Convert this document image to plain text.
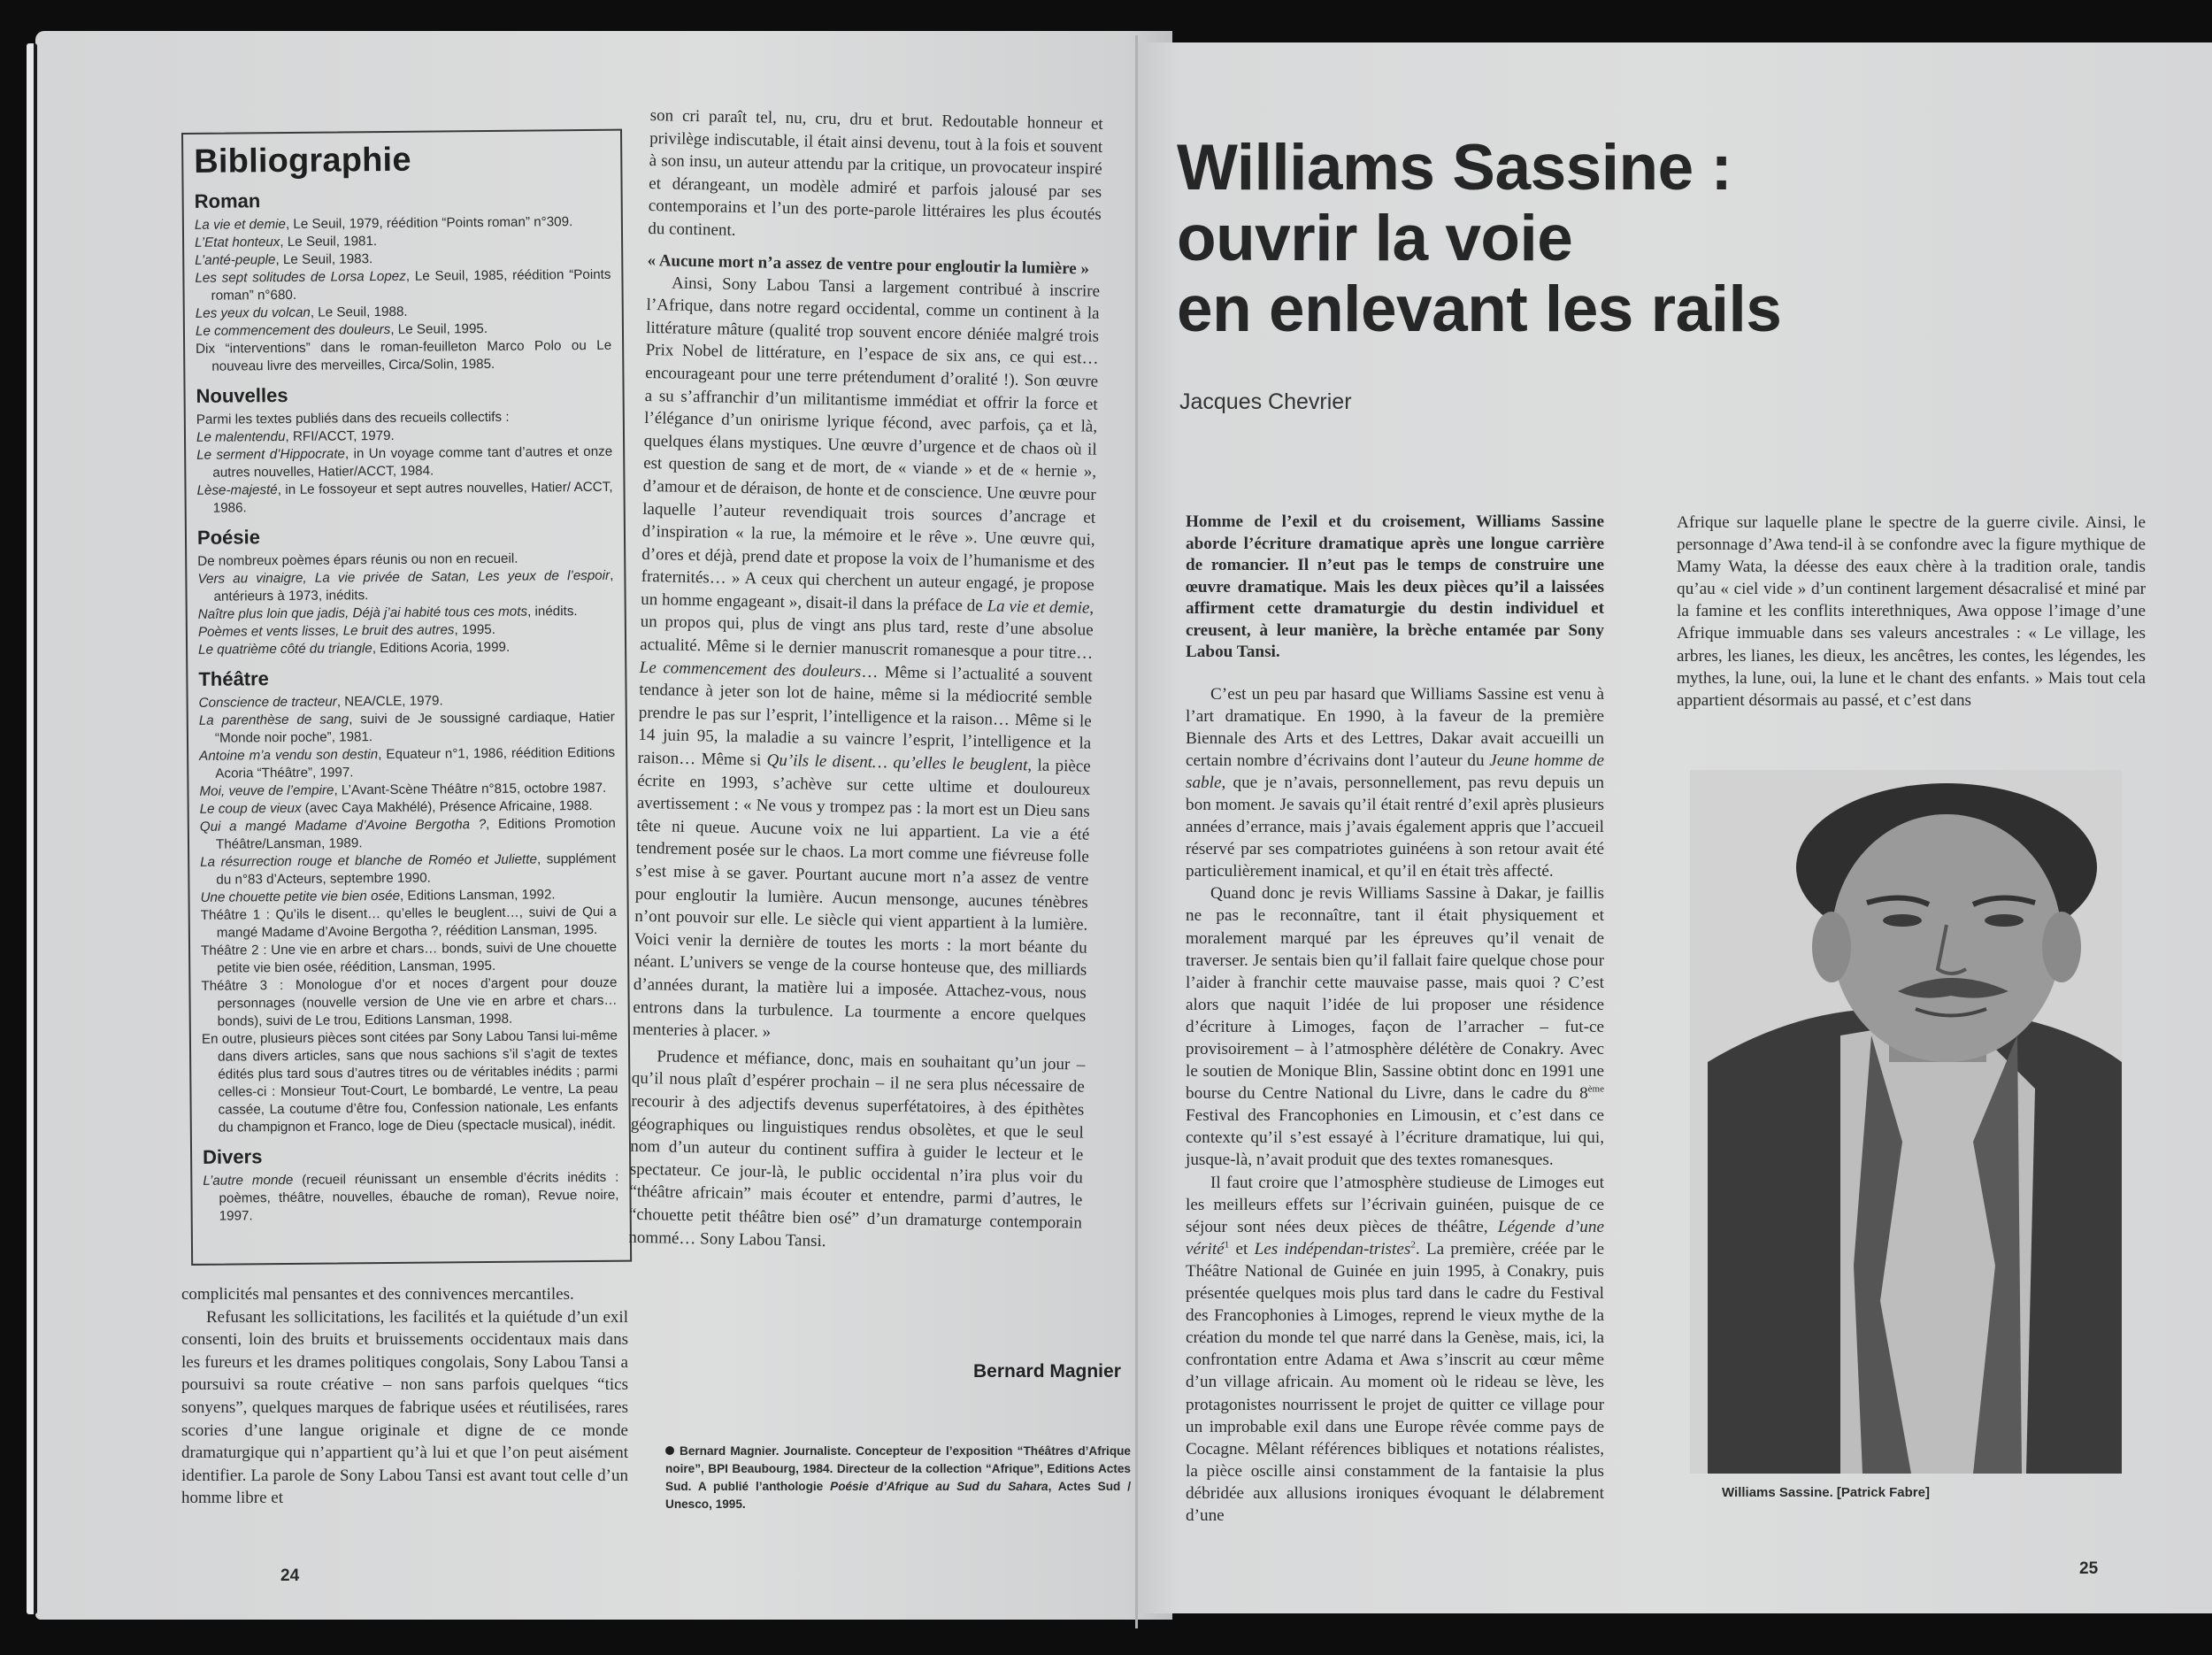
Bibliographie
Roman
La vie et demie, Le Seuil, 1979, réédition “Points roman” n°309.
L’Etat honteux, Le Seuil, 1981.
L’anté-peuple, Le Seuil, 1983.
Les sept solitudes de Lorsa Lopez, Le Seuil, 1985, réédition “Points roman” n°680.
Les yeux du volcan, Le Seuil, 1988.
Le commencement des douleurs, Le Seuil, 1995.
Dix “interventions” dans le roman-feuilleton Marco Polo ou Le nouveau livre des merveilles, Circa/Solin, 1985.
Nouvelles
Parmi les textes publiés dans des recueils collectifs :
Le malentendu, RFI/ACCT, 1979.
Le serment d’Hippocrate, in Un voyage comme tant d’autres et onze autres nouvelles, Hatier/ACCT, 1984.
Lèse-majesté, in Le fossoyeur et sept autres nouvelles, Hatier/ ACCT, 1986.
Poésie
De nombreux poèmes épars réunis ou non en recueil.
Vers au vinaigre, La vie privée de Satan, Les yeux de l’espoir, antérieurs à 1973, inédits.
Naître plus loin que jadis, Déjà j’ai habité tous ces mots, inédits.
Poèmes et vents lisses, Le bruit des autres, 1995.
Le quatrième côté du triangle, Editions Acoria, 1999.
Théâtre
Conscience de tracteur, NEA/CLE, 1979.
La parenthèse de sang, suivi de Je soussigné cardiaque, Hatier “Monde noir poche”, 1981.
Antoine m’a vendu son destin, Equateur n°1, 1986, réédition Editions Acoria “Théâtre”, 1997.
Moi, veuve de l’empire, L’Avant-Scène Théâtre n°815, octobre 1987.
Le coup de vieux (avec Caya Makhélé), Présence Africaine, 1988.
Qui a mangé Madame d’Avoine Bergotha ?, Editions Promotion Théâtre/Lansman, 1989.
La résurrection rouge et blanche de Roméo et Juliette, supplément du n°83 d’Acteurs, septembre 1990.
Une chouette petite vie bien osée, Editions Lansman, 1992.
Théâtre 1 : Qu’ils le disent… qu’elles le beuglent…, suivi de Qui a mangé Madame d’Avoine Bergotha ?, réédition Lansman, 1995.
Théâtre 2 : Une vie en arbre et chars… bonds, suivi de Une chouette petite vie bien osée, réédition, Lansman, 1995.
Théâtre 3 : Monologue d’or et noces d’argent pour douze personnages (nouvelle version de Une vie en arbre et chars… bonds), suivi de Le trou, Editions Lansman, 1998.
En outre, plusieurs pièces sont citées par Sony Labou Tansi lui-même dans divers articles, sans que nous sachions s’il s’agit de textes édités plus tard sous d’autres titres ou de véritables inédits ; parmi celles-ci : Monsieur Tout-Court, Le bombardé, Le ventre, La peau cassée, La coutume d’être fou, Confession nationale, Les enfants du champignon et Franco, loge de Dieu (spectacle musical), inédit.
Divers
L’autre monde (recueil réunissant un ensemble d’écrits inédits : poèmes, théâtre, nouvelles, ébauche de roman), Revue noire, 1997.

complicités mal pensantes et des connivences mercantiles.

Refusant les sollicitations, les facilités et la quiétude d’un exil consenti, loin des bruits et bruissements occidentaux mais dans les fureurs et les drames politiques congolais, Sony Labou Tansi a poursuivi sa route créative – non sans parfois quelques “tics sonyens”, quelques marques de fabrique usées et réutilisées, rares scories d’une langue originale et digne de ce monde dramaturgique qui n’appartient qu’à lui et que l’on peut aisément identifier. La parole de Sony Labou Tansi est avant tout celle d’un homme libre et

son cri paraît tel, nu, cru, dru et brut. Redoutable honneur et privilège indiscutable, il était ainsi devenu, tout à la fois et souvent à son insu, un auteur attendu par la critique, un provocateur inspiré et dérangeant, un modèle admiré et parfois jalousé par ses contemporains et l’un des porte-parole littéraires les plus écoutés du continent.

« Aucune mort n’a assez de ventre pour engloutir la lumière »

Ainsi, Sony Labou Tansi a largement contribué à inscrire l’Afrique, dans notre regard occidental, comme un continent à la littérature mâture (qualité trop souvent encore déniée malgré trois Prix Nobel de littérature, en l’espace de six ans, ce qui est… encourageant pour une terre prétendument d’oralité !). Son œuvre a su s’affranchir d’un militantisme immédiat et offrir la force et l’élégance d’un onirisme lyrique fécond, avec parfois, ça et là, quelques élans mystiques. Une œuvre d’urgence et de chaos où il est question de sang et de mort, de « viande » et de « hernie », d’amour et de déraison, de honte et de conscience. Une œuvre pour laquelle l’auteur revendiquait trois sources d’ancrage et d’inspiration « la rue, la mémoire et le rêve ». Une œuvre qui, d’ores et déjà, prend date et propose la voix de l’humanisme et des fraternités… » A ceux qui cherchent un auteur engagé, je propose un homme engageant », disait-il dans la préface de La vie et demie, un propos qui, plus de vingt ans plus tard, reste d’une absolue actualité. Même si le dernier manuscrit romanesque a pour titre… Le commencement des douleurs… Même si l’actualité a souvent tendance à jeter son lot de haine, même si la médiocrité semble prendre le pas sur l’esprit, l’intelligence et la raison… Même si le 14 juin 95, la maladie a su vaincre l’esprit, l’intelligence et la raison… Même si Qu’ils le disent… qu’elles le beuglent, la pièce écrite en 1993, s’achève sur cette ultime et douloureux avertissement : « Ne vous y trompez pas : la mort est un Dieu sans tête ni queue. Aucune voix ne lui appartient. La vie a été tendrement posée sur le chaos. La mort comme une fiévreuse folle s’est mise à se gaver. Pourtant aucune mort n’a assez de ventre pour engloutir la lumière. Aucun mensonge, aucunes ténèbres n’ont pouvoir sur elle. Le siècle qui vient appartient à la lumière. Voici venir la dernière de toutes les morts : la mort béante du néant. L’univers se venge de la course honteuse que, des milliards d’années durant, la matière lui a imposée. Attachez-vous, nous entrons dans la turbulence. La tourmente a encore quelques menteries à placer. »

Prudence et méfiance, donc, mais en souhaitant qu’un jour – qu’il nous plaît d’espérer prochain – il ne sera plus nécessaire de recourir à des adjectifs devenus superfétatoires, à des épithètes géographiques ou linguistiques rendus obsolètes, et que le seul nom d’un auteur du continent suffira à guider le lecteur et le spectateur. Ce jour-là, le public occidental n’ira plus voir du “théâtre africain” mais écouter et entendre, parmi d’autres, le “chouette petit théâtre bien osé” d’un dramaturge contemporain nommé… Sony Labou Tansi.

Bernard Magnier
Bernard Magnier. Journaliste. Concepteur de l’exposition “Théâtres d’Afrique noire”, BPI Beaubourg, 1984. Directeur de la collection “Afrique”, Editions Actes Sud. A publié l’anthologie Poésie d’Afrique au Sud du Sahara, Actes Sud / Unesco, 1995.
24
Williams Sassine :
ouvrir la voie
en enlevant les rails
Jacques Chevrier

Homme de l’exil et du croisement, Williams Sassine aborde l’écriture dramatique après une longue carrière de romancier. Il n’eut pas le temps de construire une œuvre dramatique. Mais les deux pièces qu’il a laissées affirment cette dramaturgie du destin individuel et creusent, à leur manière, la brèche entamée par Sony Labou Tansi.

C’est un peu par hasard que Williams Sassine est venu à l’art dramatique. En 1990, à la faveur de la première Biennale des Arts et des Lettres, Dakar avait accueilli un certain nombre d’écrivains dont l’auteur du Jeune homme de sable, que je n’avais, personnellement, pas revu depuis un bon moment. Je savais qu’il était rentré d’exil après plusieurs années d’errance, mais j’avais également appris que l’accueil réservé par ses compatriotes guinéens à son retour avait été particulièrement inamical, et qu’il en était très affecté.

Quand donc je revis Williams Sassine à Dakar, je faillis ne pas le reconnaître, tant il était physiquement et moralement marqué par les épreuves qu’il venait de traverser. Je sentais bien qu’il fallait faire quelque chose pour l’aider à franchir cette mauvaise passe, mais quoi ? C’est alors que naquit l’idée de lui proposer une résidence d’écriture à Limoges, façon de l’arracher – fut-ce provisoirement – à l’atmosphère délétère de Conakry. Avec le soutien de Monique Blin, Sassine obtint donc en 1991 une bourse du Centre National du Livre, dans le cadre du 8ème Festival des Francophonies en Limousin, et c’est dans ce contexte qu’il s’est essayé à l’écriture dramatique, lui qui, jusque-là, n’avait produit que des textes romanesques.

Il faut croire que l’atmosphère studieuse de Limoges eut les meilleurs effets sur l’écrivain guinéen, puisque de ce séjour sont nées deux pièces de théâtre, Légende d’une vérité$^1$ et Les indépendan-tristes$^2$. La première, créée par le Théâtre National de Guinée en juin 1995, à Conakry, puis présentée quelques mois plus tard dans le cadre du Festival des Francophonies à Limoges, reprend le vieux mythe de la création du monde tel que narré dans la Genèse, mais, ici, la confrontation entre Adama et Awa s’inscrit au cœur même d’un village africain. Au moment où le rideau se lève, les protagonistes nourrissent le projet de quitter ce village pour un improbable exil dans une Europe rêvée comme pays de Cocagne. Mêlant références bibliques et notations réalistes, la pièce oscille ainsi constamment de la fantaisie la plus débridée aux allusions ironiques évoquant le délabrement d’une

Afrique sur laquelle plane le spectre de la guerre civile. Ainsi, le personnage d’Awa tend-il à se confondre avec la figure mythique de Mamy Wata, la déesse des eaux chère à la tradition orale, tandis qu’au « ciel vide » d’un continent largement désacralisé et miné par la famine et les conflits interethniques, Awa oppose l’image d’une Afrique immuable dans ses valeurs ancestrales : « Le village, les arbres, les lianes, les dieux, les ancêtres, les contes, les légendes, les mythes, la lune, oui, la lune et le chant des enfants. » Mais tout cela appartient désormais au passé, et c’est dans

Williams Sassine. [Patrick Fabre]
25
